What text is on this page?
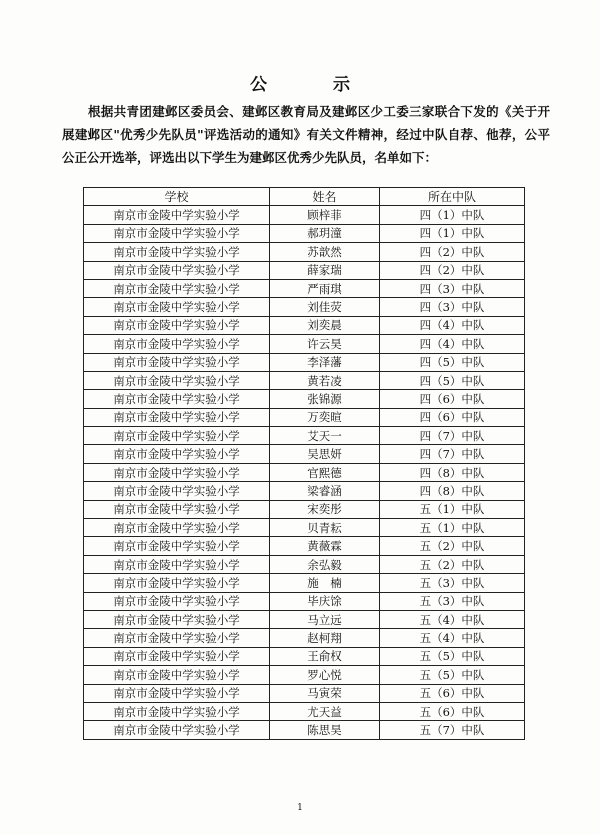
公 示
根据共青团建邺区委员会、建邺区教育局及建邺区少工委三家联合下发的《关于开展建邺区"优秀少先队员"评选活动的通知》有关文件精神，经过中队自荐、他荐，公平公正公开选举，评选出以下学生为建邺区优秀少先队员，名单如下：
学校	姓名	所在中队
南京市金陵中学实验小学	顾梓菲	四（1）中队
南京市金陵中学实验小学	郝玥潼	四（1）中队
南京市金陵中学实验小学	苏歆然	四（2）中队
南京市金陵中学实验小学	薛家瑞	四（2）中队
南京市金陵中学实验小学	严雨琪	四（3）中队
南京市金陵中学实验小学	刘佳荧	四（3）中队
南京市金陵中学实验小学	刘奕晨	四（4）中队
南京市金陵中学实验小学	许云昊	四（4）中队
南京市金陵中学实验小学	李泽藩	四（5）中队
南京市金陵中学实验小学	黄若凌	四（5）中队
南京市金陵中学实验小学	张锦源	四（6）中队
南京市金陵中学实验小学	万奕暄	四（6）中队
南京市金陵中学实验小学	艾天一	四（7）中队
南京市金陵中学实验小学	吴思妍	四（7）中队
南京市金陵中学实验小学	官熙德	四（8）中队
南京市金陵中学实验小学	梁睿涵	四（8）中队
南京市金陵中学实验小学	宋奕彤	五（1）中队
南京市金陵中学实验小学	贝青耘	五（1）中队
南京市金陵中学实验小学	黄薇霖	五（2）中队
南京市金陵中学实验小学	余弘毅	五（2）中队
南京市金陵中学实验小学	施　楠	五（3）中队
南京市金陵中学实验小学	毕庆馀	五（3）中队
南京市金陵中学实验小学	马立远	五（4）中队
南京市金陵中学实验小学	赵柯翔	五（4）中队
南京市金陵中学实验小学	王俞权	五（5）中队
南京市金陵中学实验小学	罗心悦	五（5）中队
南京市金陵中学实验小学	马寅荣	五（6）中队
南京市金陵中学实验小学	尤天益	五（6）中队
南京市金陵中学实验小学	陈思昊	五（7）中队
1
